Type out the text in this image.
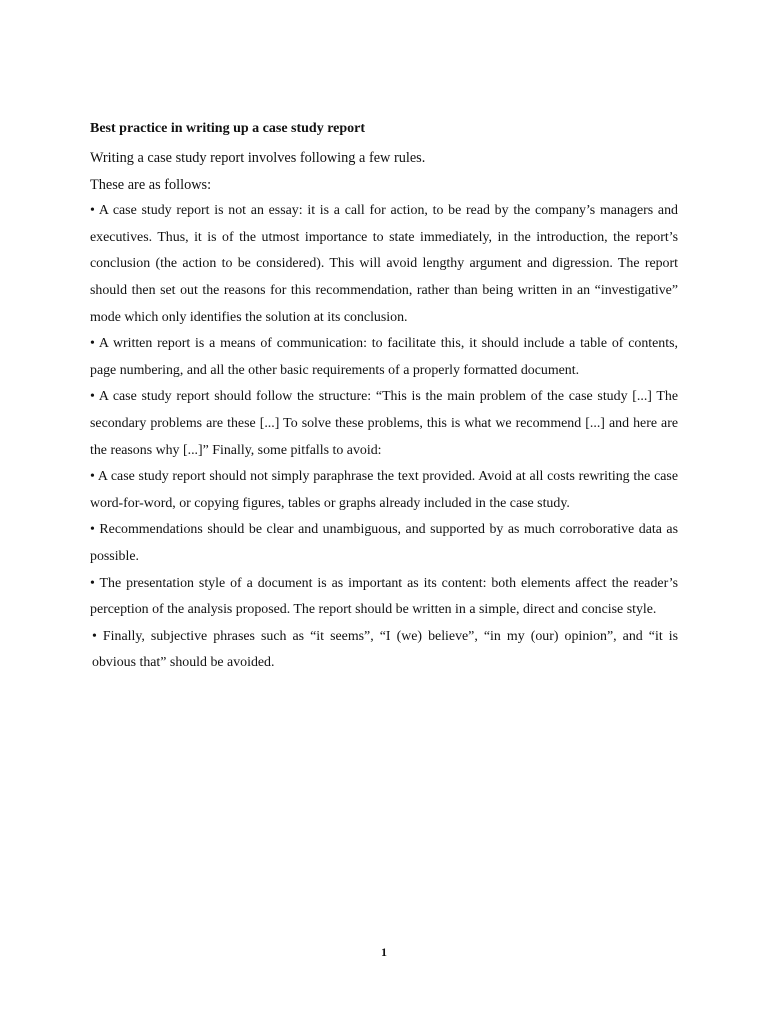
Best practice in writing up a case study report

Writing a case study report involves following a few rules.

These are as follows:

• A case study report is not an essay: it is a call for action, to be read by the company’s managers and executives. Thus, it is of the utmost importance to state immediately, in the introduction, the report’s conclusion (the action to be considered). This will avoid lengthy argument and digression. The report should then set out the reasons for this recommendation, rather than being written in an “investigative” mode which only identifies the solution at its conclusion.

• A written report is a means of communication: to facilitate this, it should include a table of contents, page numbering, and all the other basic requirements of a properly formatted document.

• A case study report should follow the structure: “This is the main problem of the case study [...] The secondary problems are these [...] To solve these problems, this is what we recommend [...] and here are the reasons why [...]” Finally, some pitfalls to avoid:

• A case study report should not simply paraphrase the text provided. Avoid at all costs rewriting the case word-for-word, or copying figures, tables or graphs already included in the case study.

• Recommendations should be clear and unambiguous, and supported by as much corroborative data as possible.

• The presentation style of a document is as important as its content: both elements affect the reader’s perception of the analysis proposed. The report should be written in a simple, direct and concise style.

• Finally, subjective phrases such as “it seems”, “I (we) believe”, “in my (our) opinion”, and “it is obvious that” should be avoided.

1
